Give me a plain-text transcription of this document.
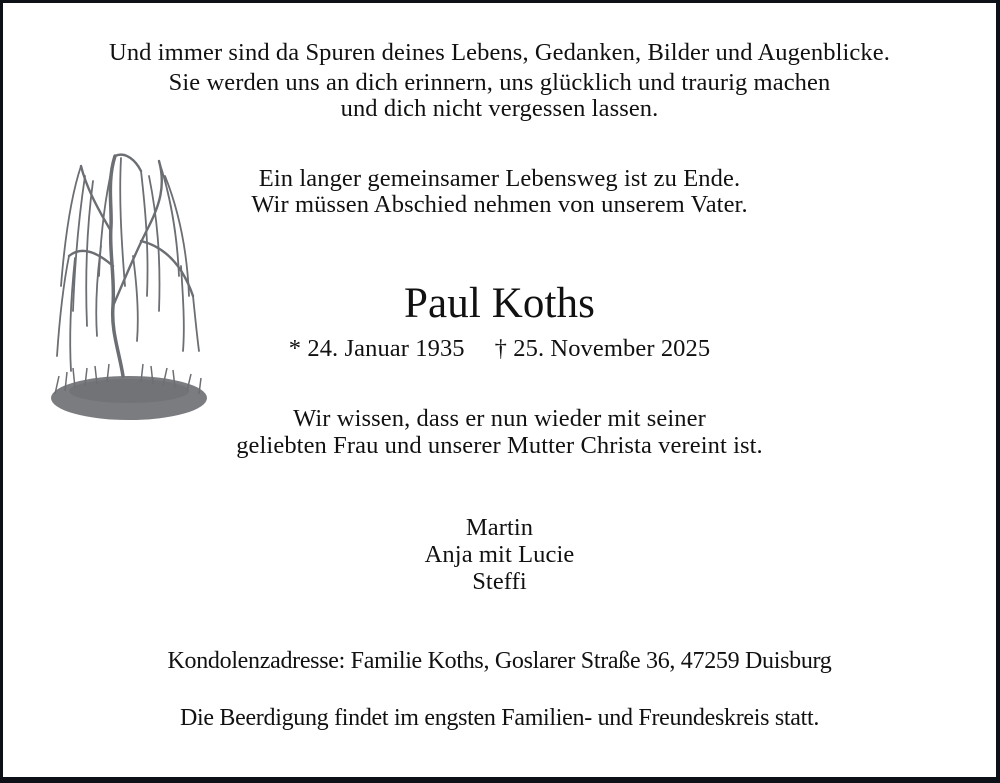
Und immer sind da Spuren deines Lebens, Gedanken, Bilder und Augenblicke.
Sie werden uns an dich erinnern, uns glücklich und traurig machen
und dich nicht vergessen lassen.
Ein langer gemeinsamer Lebensweg ist zu Ende.
Wir müssen Abschied nehmen von unserem Vater.
Paul Koths
* 24. Januar 1935 † 25. November 2025
Wir wissen, dass er nun wieder mit seiner
geliebten Frau und unserer Mutter Christa vereint ist.
Martin
Anja mit Lucie
Steffi
Kondolenzadresse: Familie Koths, Goslarer Straße 36, 47259 Duisburg
Die Beerdigung findet im engsten Familien- und Freundeskreis statt.
